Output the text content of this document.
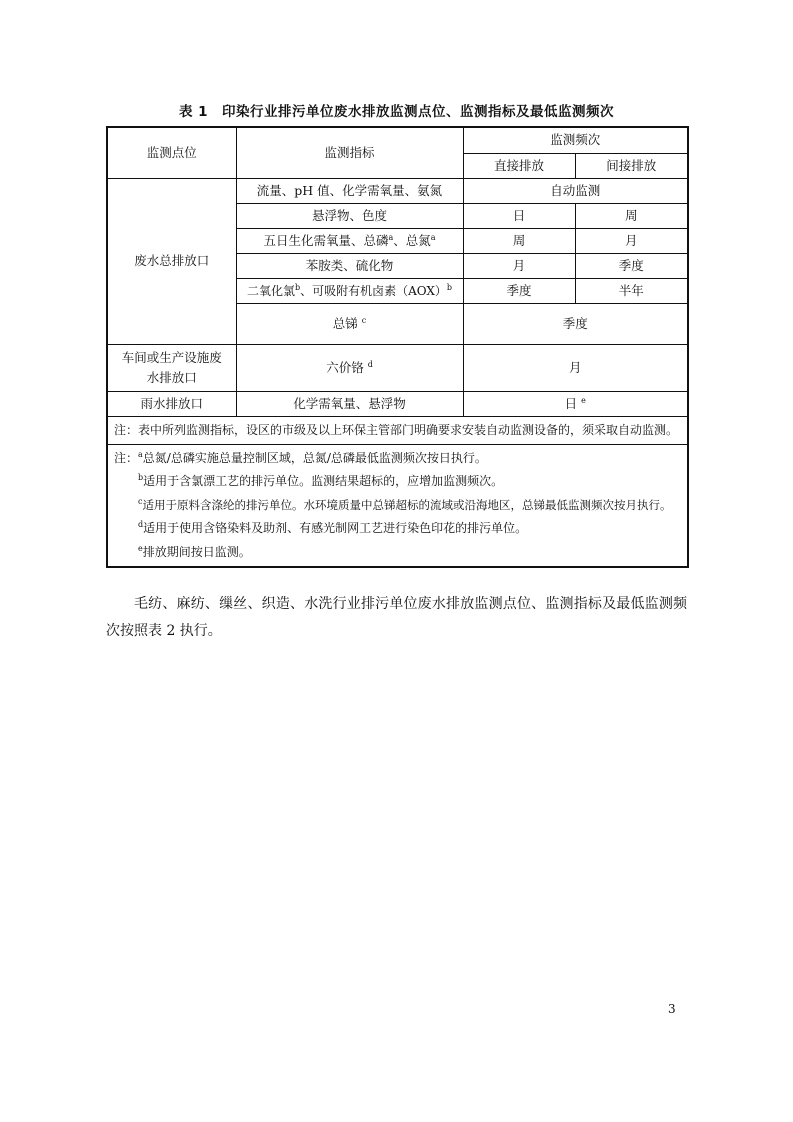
表 1　印染行业排污单位废水排放监测点位、监测指标及最低监测频次
监测点位	监测指标	监测频次	
		直接排放	间接排放
废水总排放口	流量、pH 值、化学需氧量、氨氮	自动监测	
	悬浮物、色度	日	周
	五日生化需氧量、总磷$^a$、总氮$^a$	周	月
	苯胺类、硫化物	月	季度
	二氧化氯$^b$、可吸附有机卤素（AOX）$^b$	季度	半年
	总锑 $^c$	季度	
车间或生产设施废水排放口	六价铬 $^d$	月	
雨水排放口	化学需氧量、悬浮物	日 $^e$
注：表中所列监测指标，设区的市级及以上环保主管部门明确要求安装自动监测设备的，须采取自动监测。			

注：$^a$总氮/总磷实施总量控制区域，总氮/总磷最低监测频次按日执行。
$^b$适用于含氯漂工艺的排污单位。监测结果超标的，应增加监测频次。
$^c$适用于原料含涤纶的排污单位。水环境质量中总锑超标的流域或沿海地区，总锑最低监测频次按月执行。
$^d$适用于使用含铬染料及助剂、有感光制网工艺进行染色印花的排污单位。
$^e$排放期间按日监测。			
毛纺、麻纺、缫丝、织造、水洗行业排污单位废水排放监测点位、监测指标及最低监测频次按照表 2 执行。
3
